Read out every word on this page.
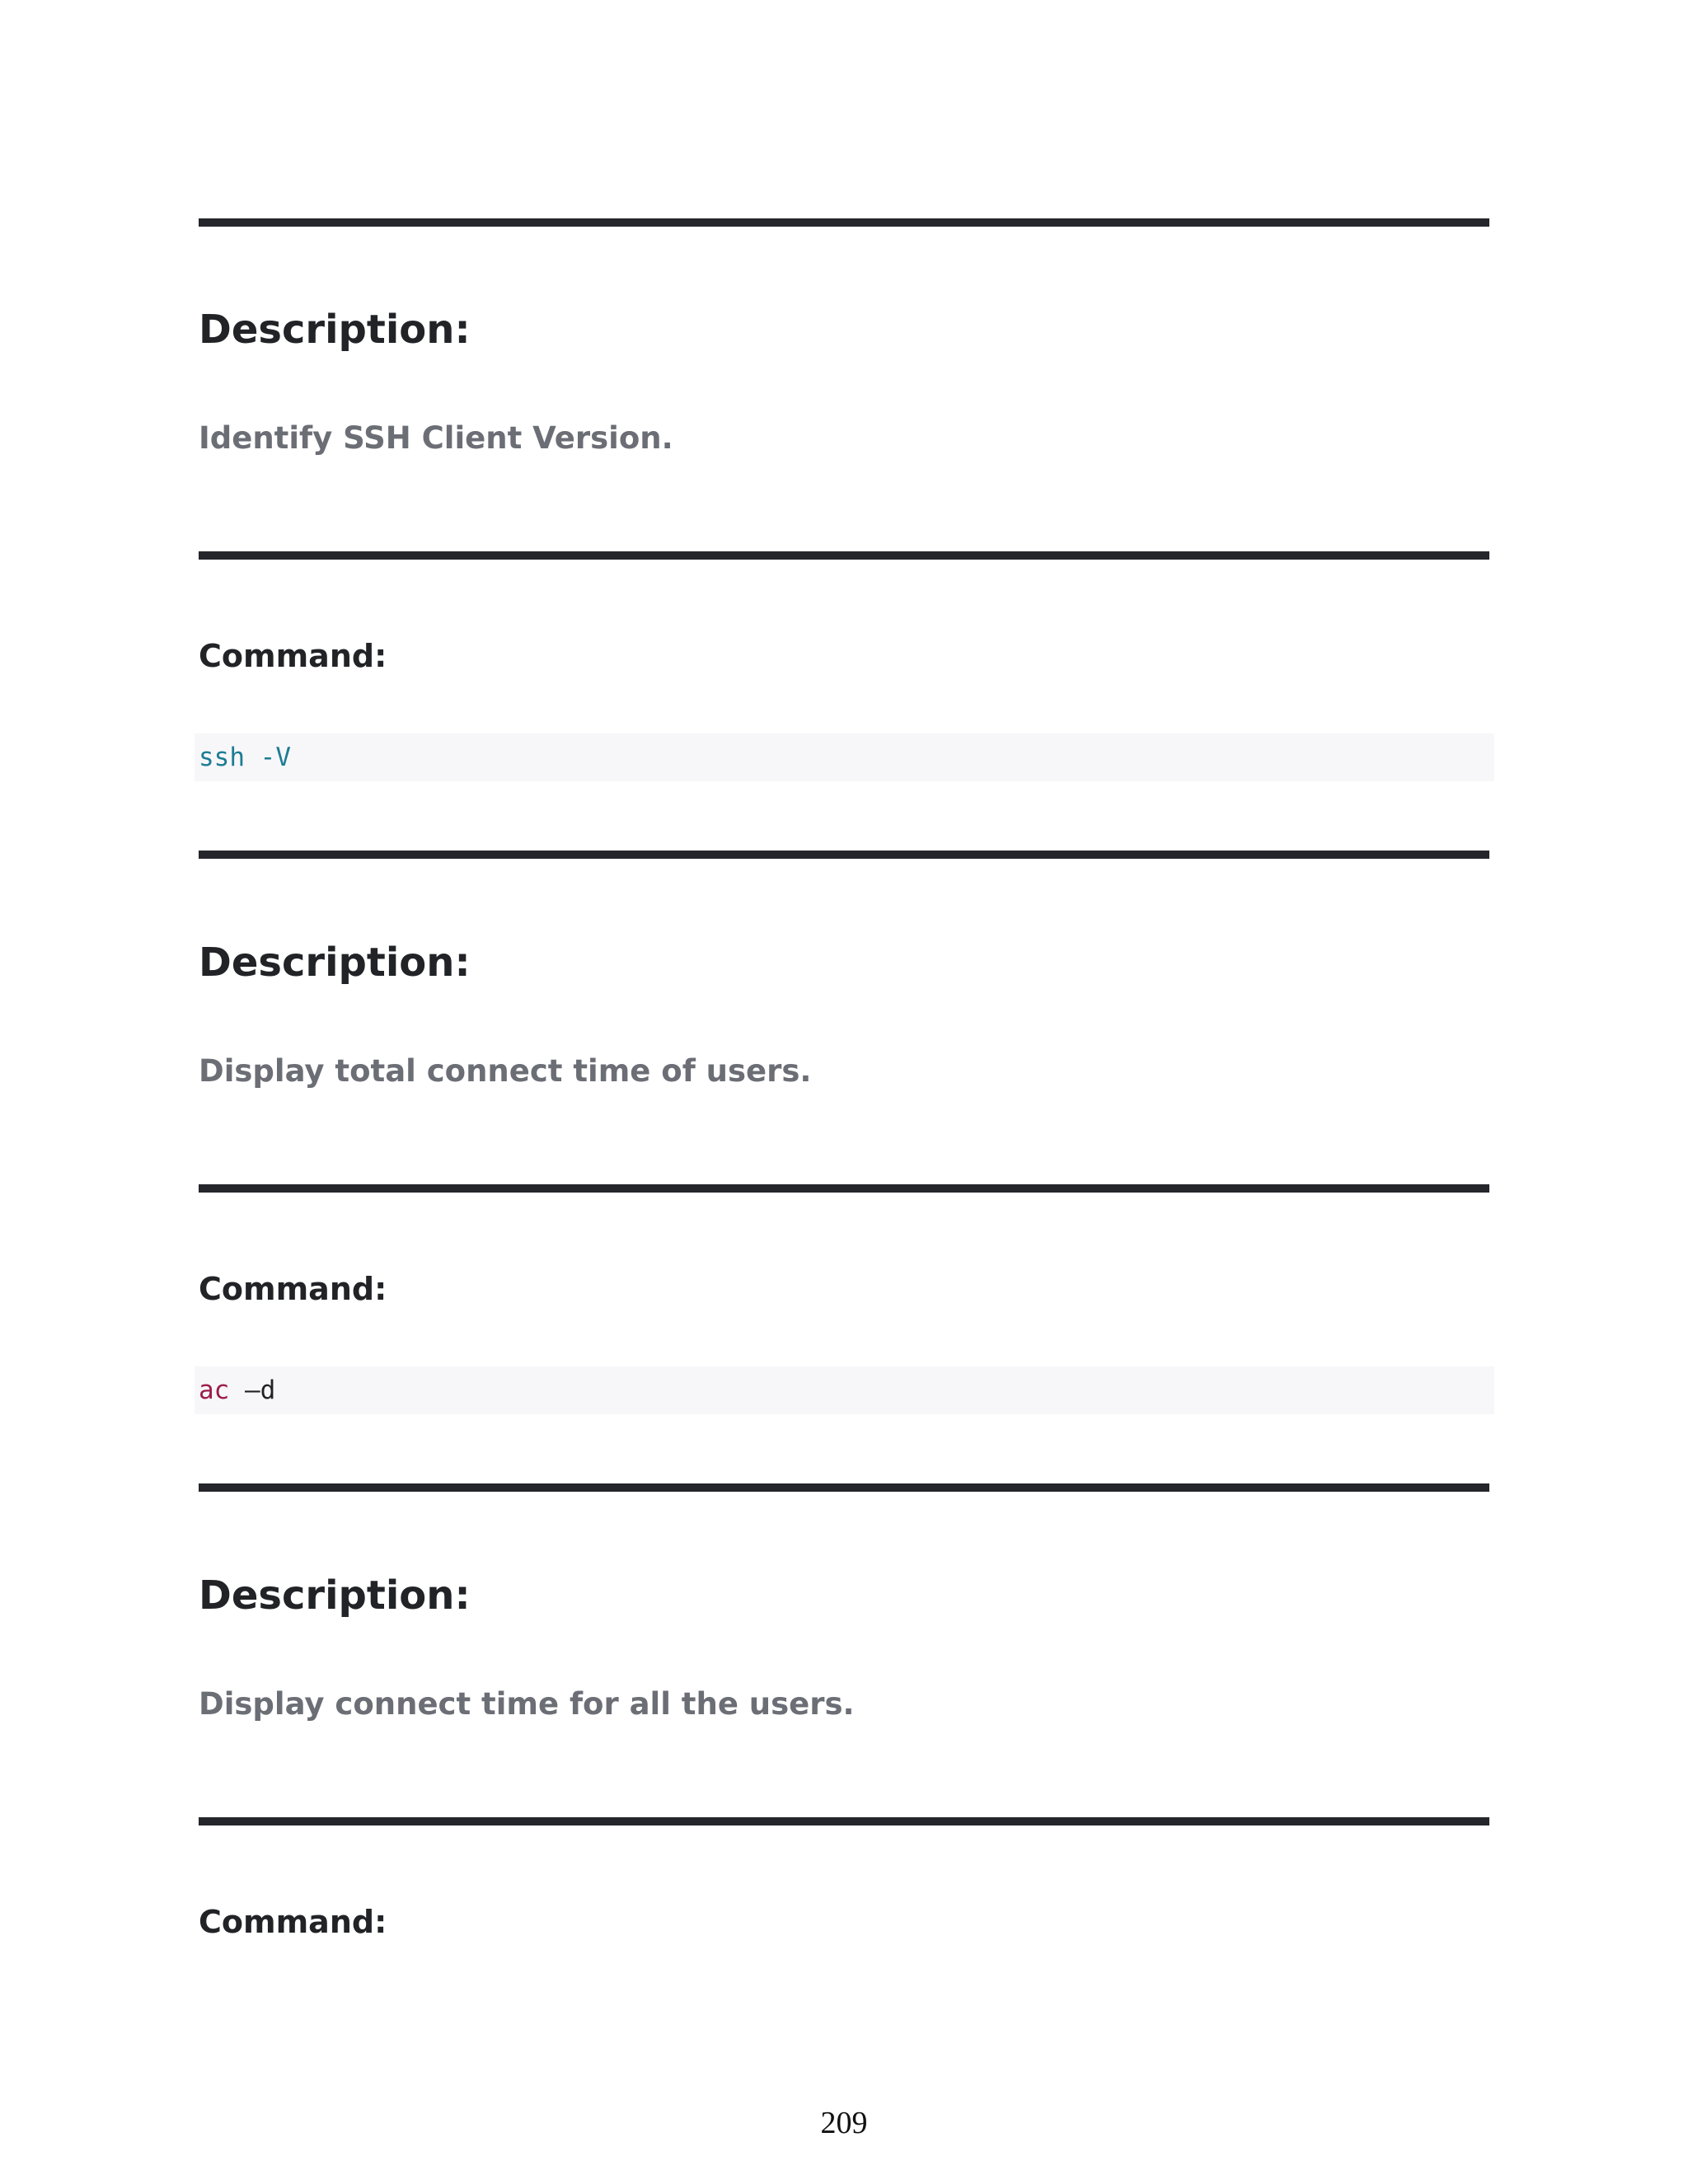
Description:

Identify SSH Client Version.

Command:
ssh -V
Description:

Display total connect time of users.

Command:
ac –d
Description:

Display connect time for all the users.

Command:
209
